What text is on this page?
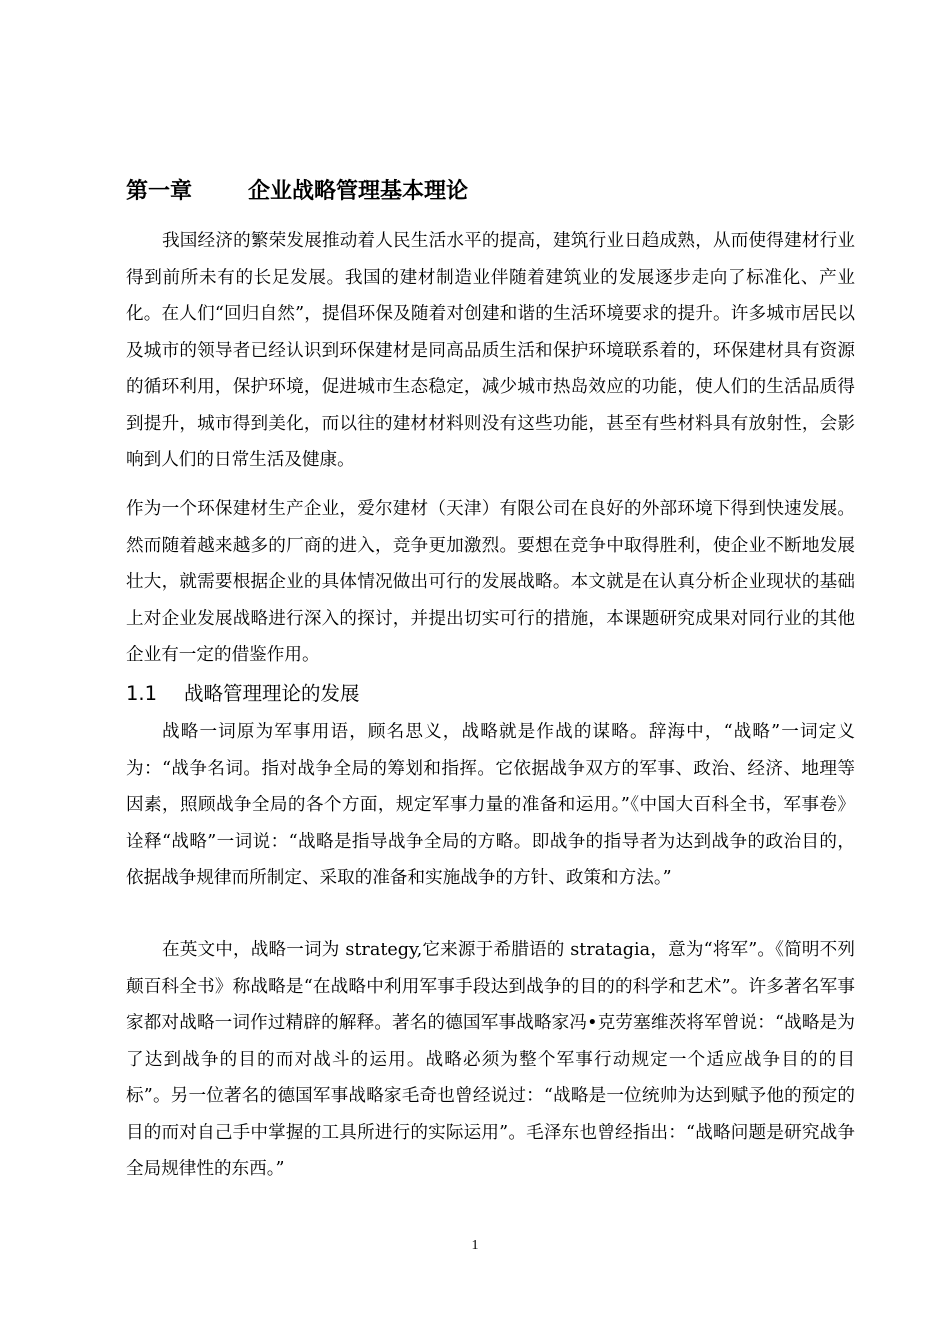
第一章	企业战略管理基本理论

我国经济的繁荣发展推动着人民生活水平的提高，建筑行业日趋成熟，从而使得建材行业得到前所未有的长足发展。我国的建材制造业伴随着建筑业的发展逐步走向了标准化、产业化。在人们“回归自然”，提倡环保及随着对创建和谐的生活环境要求的提升。许多城市居民以及城市的领导者已经认识到环保建材是同高品质生活和保护环境联系着的，环保建材具有资源的循环利用，保护环境，促进城市生态稳定，减少城市热岛效应的功能，使人们的生活品质得到提升，城市得到美化，而以往的建材材料则没有这些功能，甚至有些材料具有放射性，会影响到人们的日常生活及健康。

作为一个环保建材生产企业，爱尔建材（天津）有限公司在良好的外部环境下得到快速发展。然而随着越来越多的厂商的进入，竞争更加激烈。要想在竞争中取得胜利，使企业不断地发展壮大，就需要根据企业的具体情况做出可行的发展战略。本文就是在认真分析企业现状的基础上对企业发展战略进行深入的探讨，并提出切实可行的措施，本课题研究成果对同行业的其他企业有一定的借鉴作用。

1.1 战略管理理论的发展

战略一词原为军事用语，顾名思义，战略就是作战的谋略。辞海中，“战略”一词定义为：“战争名词。指对战争全局的筹划和指挥。它依据战争双方的军事、政治、经济、地理等因素，照顾战争全局的各个方面，规定军事力量的准备和运用。”《中国大百科全书，军事卷》诠释“战略”一词说：“战略是指导战争全局的方略。即战争的指导者为达到战争的政治目的，依据战争规律而所制定、采取的准备和实施战争的方针、政策和方法。”

在英文中，战略一词为 strategy,它来源于希腊语的 stratagia，意为“将军”。《简明不列颠百科全书》称战略是“在战略中利用军事手段达到战争的目的的科学和艺术”。许多著名军事家都对战略一词作过精辟的解释。著名的德国军事战略家冯•克劳塞维茨将军曾说：“战略是为了达到战争的目的而对战斗的运用。战略必须为整个军事行动规定一个适应战争目的的目标”。另一位著名的德国军事战略家毛奇也曾经说过：“战略是一位统帅为达到赋予他的预定的目的而对自己手中掌握的工具所进行的实际运用”。毛泽东也曾经指出：“战略问题是研究战争全局规律性的东西。”

1
